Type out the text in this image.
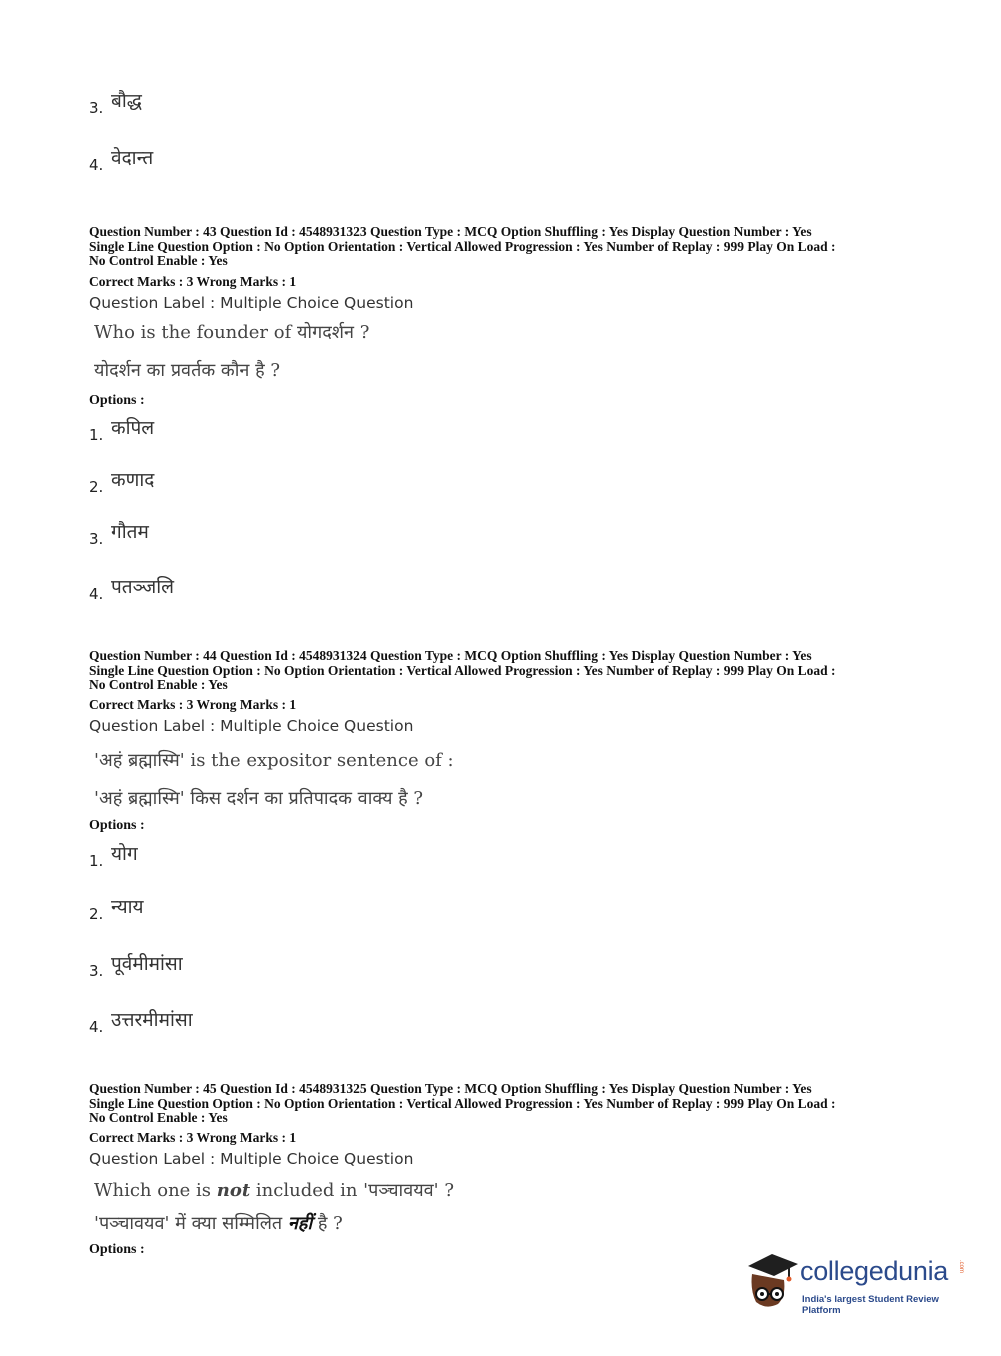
3. बौद्ध
4. वेदान्त
Question Number : 43 Question Id : 4548931323 Question Type : MCQ Option Shuffling : Yes Display Question Number : Yes
Single Line Question Option : No Option Orientation : Vertical Allowed Progression : Yes Number of Replay : 999 Play On Load :
No Control Enable : Yes
Correct Marks : 3 Wrong Marks : 1
Question Label : Multiple Choice Question
Who is the founder of योगदर्शन ?
योदर्शन का प्रवर्तक कौन है ?
Options :
1. कपिल
2. कणाद
3. गौतम
4. पतञ्जलि
Question Number : 44 Question Id : 4548931324 Question Type : MCQ Option Shuffling : Yes Display Question Number : Yes
Single Line Question Option : No Option Orientation : Vertical Allowed Progression : Yes Number of Replay : 999 Play On Load :
No Control Enable : Yes
Correct Marks : 3 Wrong Marks : 1
Question Label : Multiple Choice Question
'अहं ब्रह्मास्मि' is the expositor sentence of :
'अहं ब्रह्मास्मि' किस दर्शन का प्रतिपादक वाक्य है ?
Options :
1. योग
2. न्याय
3. पूर्वमीमांसा
4. उत्तरमीमांसा
Question Number : 45 Question Id : 4548931325 Question Type : MCQ Option Shuffling : Yes Display Question Number : Yes
Single Line Question Option : No Option Orientation : Vertical Allowed Progression : Yes Number of Replay : 999 Play On Load :
No Control Enable : Yes
Correct Marks : 3 Wrong Marks : 1
Question Label : Multiple Choice Question
Which one is not included in 'पञ्चावयव' ?
'पञ्चावयव' में क्या सम्मिलित नहीं है ?
Options :
collegedunia .com
India's largest Student Review Platform
